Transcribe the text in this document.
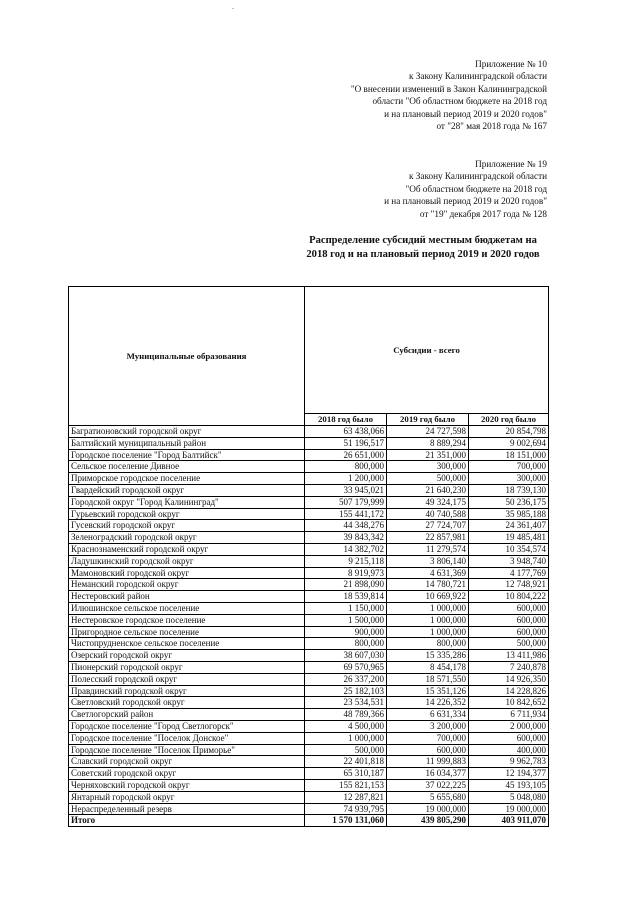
-
Приложение № 10
к Закону Калининградской области
"О внесении изменений в Закон Калининградской
области "Об областном бюджете на 2018 год
и на плановый период 2019 и 2020 годов"
от "28" мая 2018 года № 167
Приложение № 19
к Закону Калининградской области
"Об областном бюджете на 2018 год
и на плановый период 2019 и 2020 годов"
от "19" декабря 2017 года № 128
Распределение субсидий местным бюджетам на 2018 год и на плановый период 2019 и 2020 годов
Муниципальные образования	Субсидии - всего		
	2018 год было	2019 год было	2020 год было
Багратионовский городской округ	63 438,066	24 727,598	20 854,798
Балтийский муниципальный район	51 196,517	8 889,294	9 002,694
Городское поселение "Город Балтийск"	26 651,000	21 351,000	18 151,000
Сельское поселение Дивное	800,000	300,000	700,000
Приморское городское поселение	1 200,000	500,000	300,000
Гвардейский городской округ	33 945,021	21 640,230	18 739,130
Городской округ "Город Калининград"	507 179,999	49 324,175	50 236,175
Гурьевский городской округ	155 441,172	40 740,588	35 985,188
Гусевский городской округ	44 348,276	27 724,707	24 361,407
Зеленоградский городской округ	39 843,342	22 857,981	19 485,481
Краснознаменский городской округ	14 382,702	11 279,574	10 354,574
Ладушкинский городской округ	9 215,118	3 806,140	3 948,740
Мамоновский городской округ	8 919,973	4 631,369	4 177,769
Неманский городской округ	21 898,090	14 780,721	12 748,921
Нестеровский район	18 539,814	10 669,922	10 804,222
Илюшинское сельское поселение	1 150,000	1 000,000	600,000
Нестеровское городское поселение	1 500,000	1 000,000	600,000
Пригородное сельское поселение	900,000	1 000,000	600,000
Чистопрудненское сельское поселение	800,000	800,000	500,000
Озерский городской округ	38 607,030	15 335,286	13 411,986
Пионерский городской округ	69 570,965	8 454,178	7 240,878
Полесский городской округ	26 337,200	18 571,550	14 926,350
Правдинский городской округ	25 182,103	15 351,126	14 228,826
Светловский городской округ	23 534,531	14 226,352	10 842,652
Светлогорский район	48 789,366	6 631,334	6 711,934
Городское поселение "Город Светлогорск"	4 500,000	3 200,000	2 000,000
Городское поселение "Поселок Донское"	1 000,000	700,000	600,000
Городское поселение "Поселок Приморье"	500,000	600,000	400,000
Славский городской округ	22 401,818	11 999,883	9 962,783
Советский городской округ	65 310,187	16 034,377	12 194,377
Черняховский городской округ	155 821,153	37 022,225	45 193,105
Янтарный городской округ	12 287,821	5 655,680	5 048,080
Нераспределенный резерв	74 939,795	19 000,000	19 000,000
Итого	1 570 131,060	439 805,290	403 911,070
